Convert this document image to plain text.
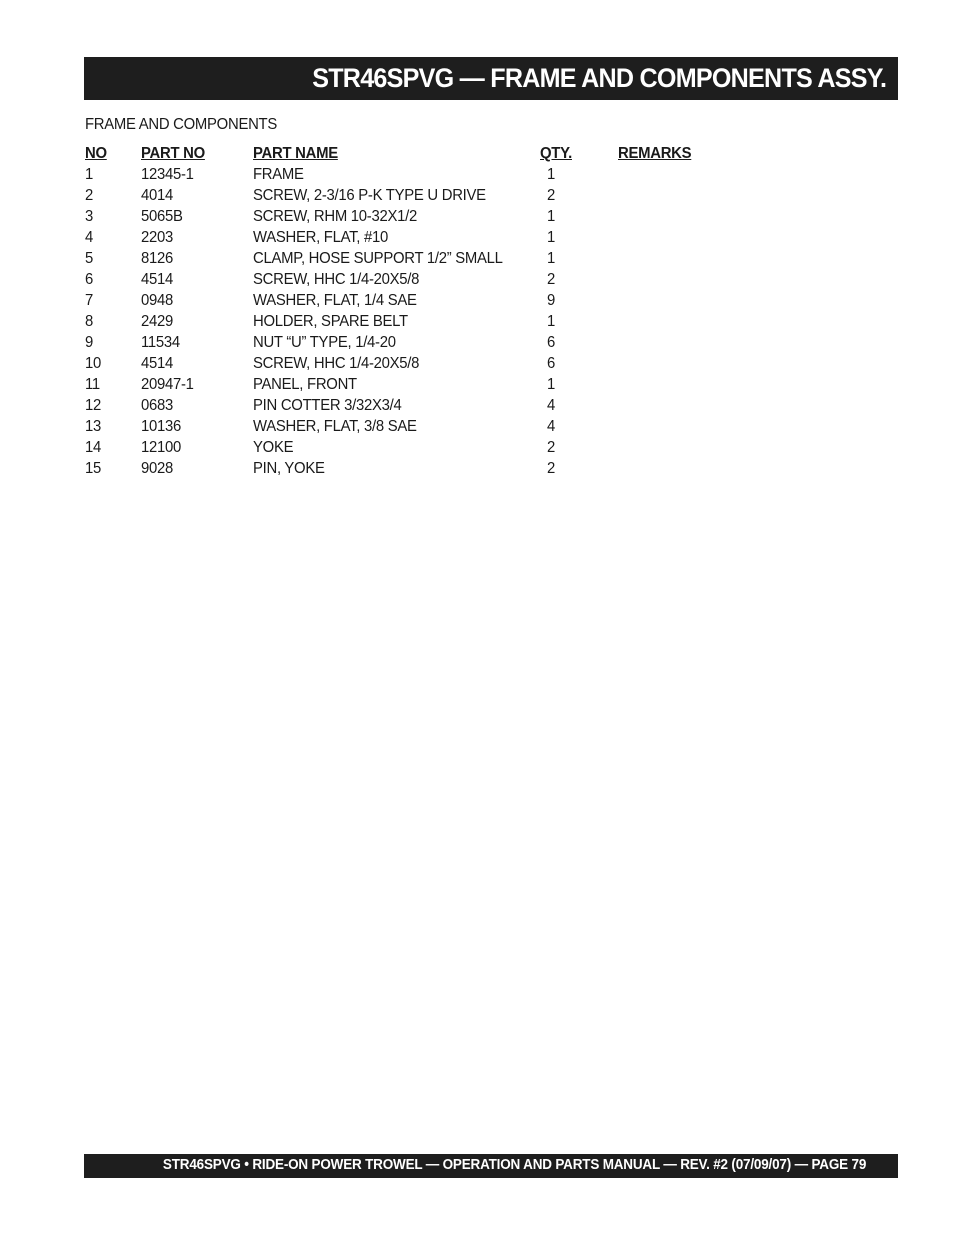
STR46SPVG — FRAME AND COMPONENTS ASSY.
FRAME AND COMPONENTS
NO PART NO	PART NAME	QTY.	REMARKS
1	12345-1	FRAME	1
2	4014	SCREW, 2-3/16 P-K TYPE U DRIVE	2
3	5065B	SCREW, RHM 10-32X1/2	1
4	2203	WASHER, FLAT, #10	1
5	8126	CLAMP, HOSE SUPPORT 1/2” SMALL	1
6	4514	SCREW, HHC 1/4-20X5/8	2
7	0948	WASHER, FLAT, 1/4 SAE	9
8	2429	HOLDER, SPARE BELT	1
9	11534	NUT “U” TYPE, 1/4-20	6
10	4514	SCREW, HHC 1/4-20X5/8	6
11	20947-1	PANEL, FRONT	1
12	0683	PIN COTTER 3/32X3/4	4
13	10136	WASHER, FLAT, 3/8 SAE	4
14	12100	YOKE	2
15	9028	PIN, YOKE	2
STR46SPVG • RIDE-ON POWER TROWEL — OPERATION AND PARTS MANUAL — REV. #2 (07/09/07) — PAGE 79
